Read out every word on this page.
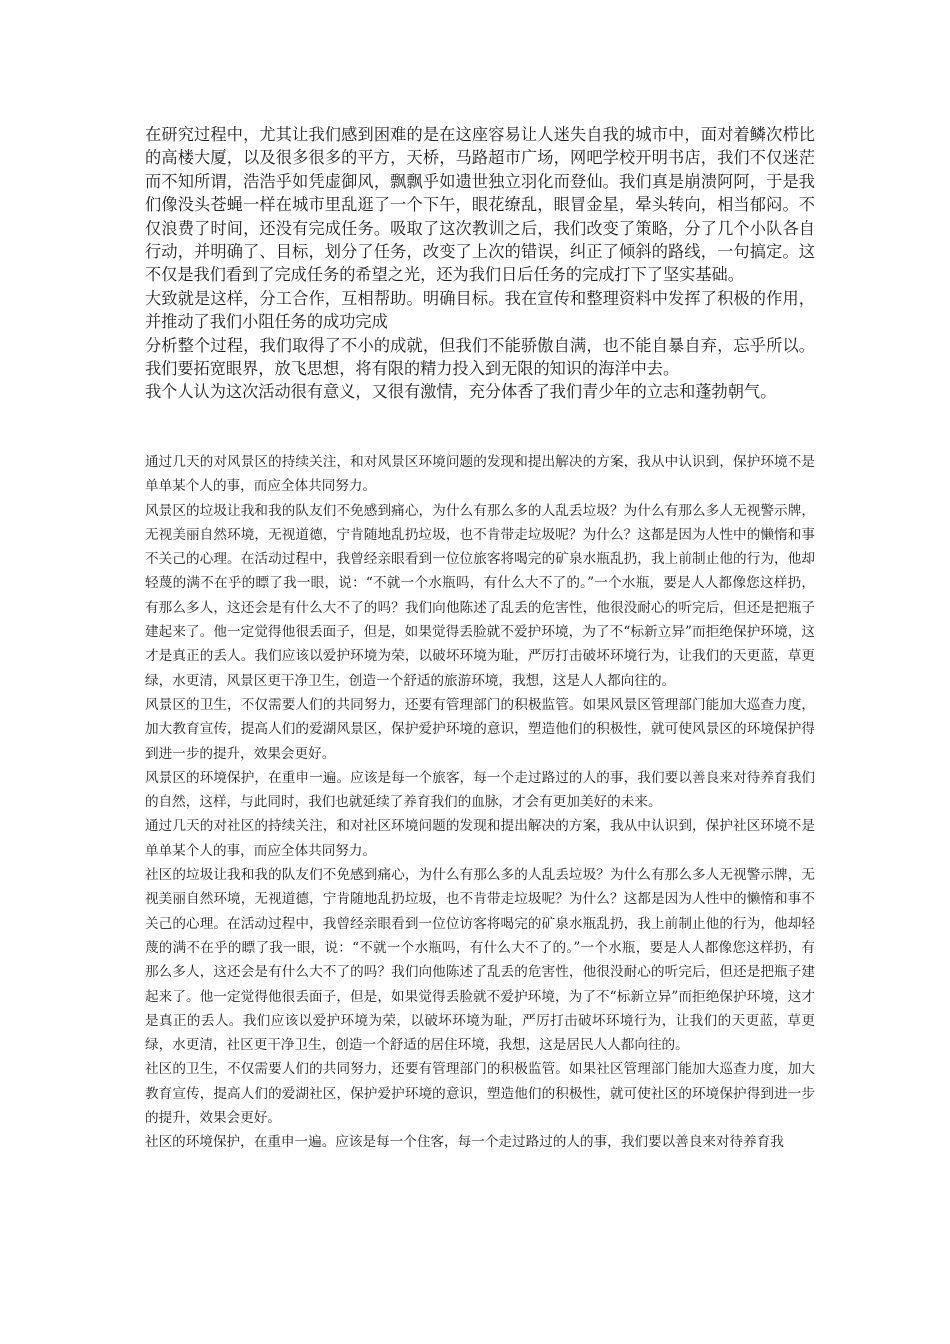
在研究过程中，尤其让我们感到困难的是在这座容易让人迷失自我的城市中，面对着鳞次栉比的高楼大厦，以及很多很多的平方，天桥，马路超市广场，网吧学校开明书店，我们不仅迷茫而不知所谓，浩浩乎如凭虚御风，飘飘乎如遗世独立羽化而登仙。我们真是崩溃阿阿，于是我们像没头苍蝇一样在城市里乱逛了一个下午，眼花缭乱，眼冒金星，晕头转向，相当郁闷。不仅浪费了时间，还没有完成任务。吸取了这次教训之后，我们改变了策略，分了几个小队各自行动，并明确了、目标，划分了任务，改变了上次的错误，纠正了倾斜的路线，一句搞定。这不仅是我们看到了完成任务的希望之光，还为我们日后任务的完成打下了坚实基础。

大致就是这样，分工合作，互相帮助。明确目标。我在宣传和整理资料中发挥了积极的作用，并推动了我们小阻任务的成功完成

分析整个过程，我们取得了不小的成就，但我们不能骄傲自满，也不能自暴自弃，忘乎所以。我们要拓宽眼界，放飞思想，将有限的精力投入到无限的知识的海洋中去。

我个人认为这次活动很有意义，又很有激情，充分体香了我们青少年的立志和蓬勃朝气。

通过几天的对风景区的持续关注，和对风景区环境问题的发现和提出解决的方案，我从中认识到，保护环境不是单单某个人的事，而应全体共同努力。

风景区的垃圾让我和我的队友们不免感到痛心，为什么有那么多的人乱丢垃圾？为什么有那么多人无视警示牌，无视美丽自然环境，无视道德，宁肯随地乱扔垃圾，也不肯带走垃圾呢？为什么？这都是因为人性中的懒惰和事不关己的心理。在活动过程中，我曾经亲眼看到一位位旅客将喝完的矿泉水瓶乱扔，我上前制止他的行为，他却轻蔑的满不在乎的瞟了我一眼，说：“不就一个水瓶吗，有什么大不了的。”一个水瓶，要是人人都像您这样扔，有那么多人，这还会是有什么大不了的吗？我们向他陈述了乱丢的危害性，他很没耐心的听完后，但还是把瓶子建起来了。他一定觉得他很丢面子，但是，如果觉得丢脸就不爱护环境，为了不“标新立异”而拒绝保护环境，这才是真正的丢人。我们应该以爱护环境为荣，以破坏环境为耻，严厉打击破坏环境行为，让我们的天更蓝，草更绿，水更清，风景区更干净卫生，创造一个舒适的旅游环境，我想，这是人人都向往的。

风景区的卫生，不仅需要人们的共同努力，还要有管理部门的积极监管。如果风景区管理部门能加大巡查力度，加大教育宣传，提高人们的爱湖风景区，保护爱护环境的意识，塑造他们的积极性，就可使风景区的环境保护得到进一步的提升，效果会更好。

风景区的环境保护，在重申一遍。应该是每一个旅客，每一个走过路过的人的事，我们要以善良来对待养育我们的自然，这样，与此同时，我们也就延续了养育我们的血脉，才会有更加美好的未来。

通过几天的对社区的持续关注，和对社区环境问题的发现和提出解决的方案，我从中认识到，保护社区环境不是单单某个人的事，而应全体共同努力。

社区的垃圾让我和我的队友们不免感到痛心，为什么有那么多的人乱丢垃圾？为什么有那么多人无视警示牌，无视美丽自然环境，无视道德，宁肯随地乱扔垃圾，也不肯带走垃圾呢？为什么？这都是因为人性中的懒惰和事不关己的心理。在活动过程中，我曾经亲眼看到一位位访客将喝完的矿泉水瓶乱扔，我上前制止他的行为，他却轻蔑的满不在乎的瞟了我一眼，说：“不就一个水瓶吗，有什么大不了的。”一个水瓶，要是人人都像您这样扔，有那么多人，这还会是有什么大不了的吗？我们向他陈述了乱丢的危害性，他很没耐心的听完后，但还是把瓶子建起来了。他一定觉得他很丢面子，但是，如果觉得丢脸就不爱护环境，为了不“标新立异”而拒绝保护环境，这才是真正的丢人。我们应该以爱护环境为荣，以破坏环境为耻，严厉打击破坏环境行为，让我们的天更蓝，草更绿，水更清，社区更干净卫生，创造一个舒适的居住环境，我想，这是居民人人都向往的。

社区的卫生，不仅需要人们的共同努力，还要有管理部门的积极监管。如果社区管理部门能加大巡查力度，加大教育宣传，提高人们的爱湖社区，保护爱护环境的意识，塑造他们的积极性，就可使社区的环境保护得到进一步的提升，效果会更好。

社区的环境保护，在重申一遍。应该是每一个住客，每一个走过路过的人的事，我们要以善良来对待养育我
